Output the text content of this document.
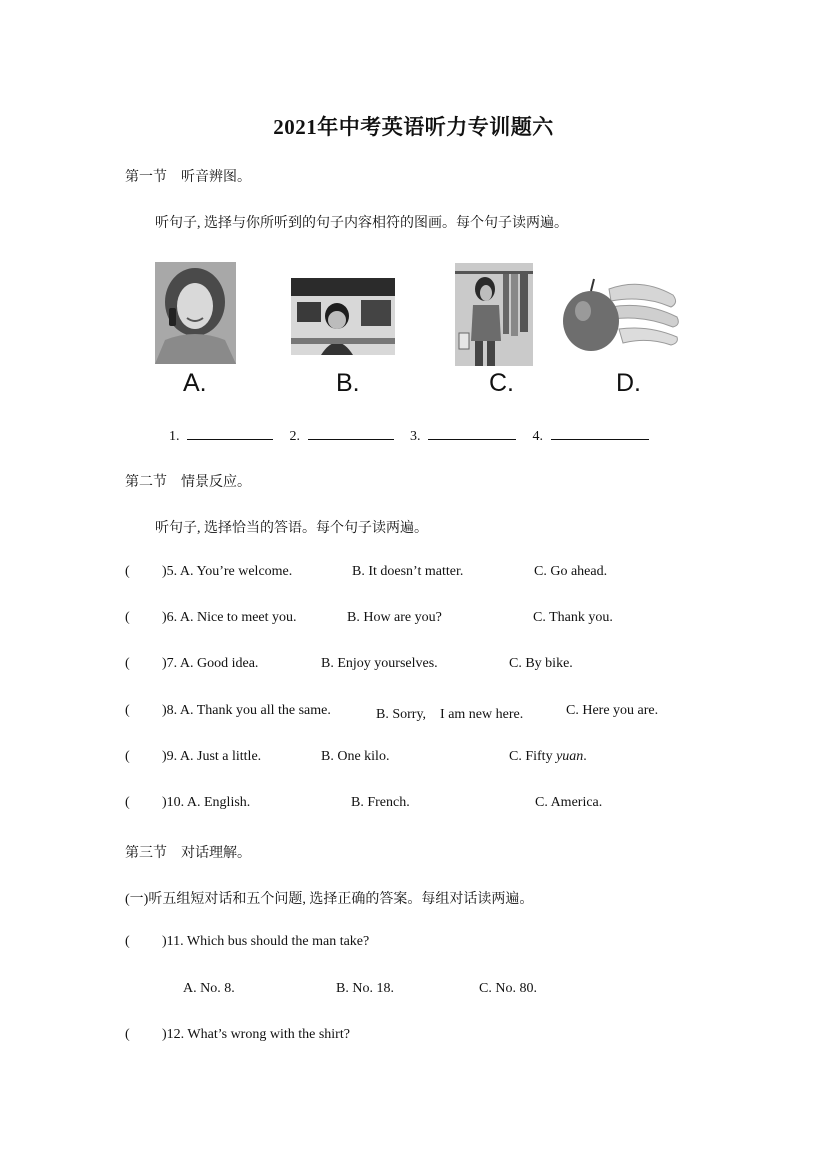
2021年中考英语听力专训题六
第一节　听音辨图。
听句子, 选择与你所听到的句子内容相符的图画。每个句子读两遍。
A.	B.	C.	D.
1.	2.	3.	4.
第二节　情景反应。
听句子, 选择恰当的答语。每个句子读两遍。
( )5. A. You’re welcome.	B. It doesn’t matter.	C. Go ahead.
( )6. A. Nice to meet you.	B. How are you?	C. Thank you.
( )7. A. Good idea.	B. Enjoy yourselves.	C. By bike.
( )8. A. Thank you all the same.	B. Sorry,　I am new here.	C. Here you are.
( )9. A. Just a little.	B. One kilo.	C. Fifty yuan.
( )10. A. English.	B. French.	C. America.
第三节　对话理解。
(一)听五组短对话和五个问题, 选择正确的答案。每组对话读两遍。
( )11. Which bus should the man take?
A. No. 8.	B. No. 18.	C. No. 80.
( )12. What’s wrong with the shirt?
